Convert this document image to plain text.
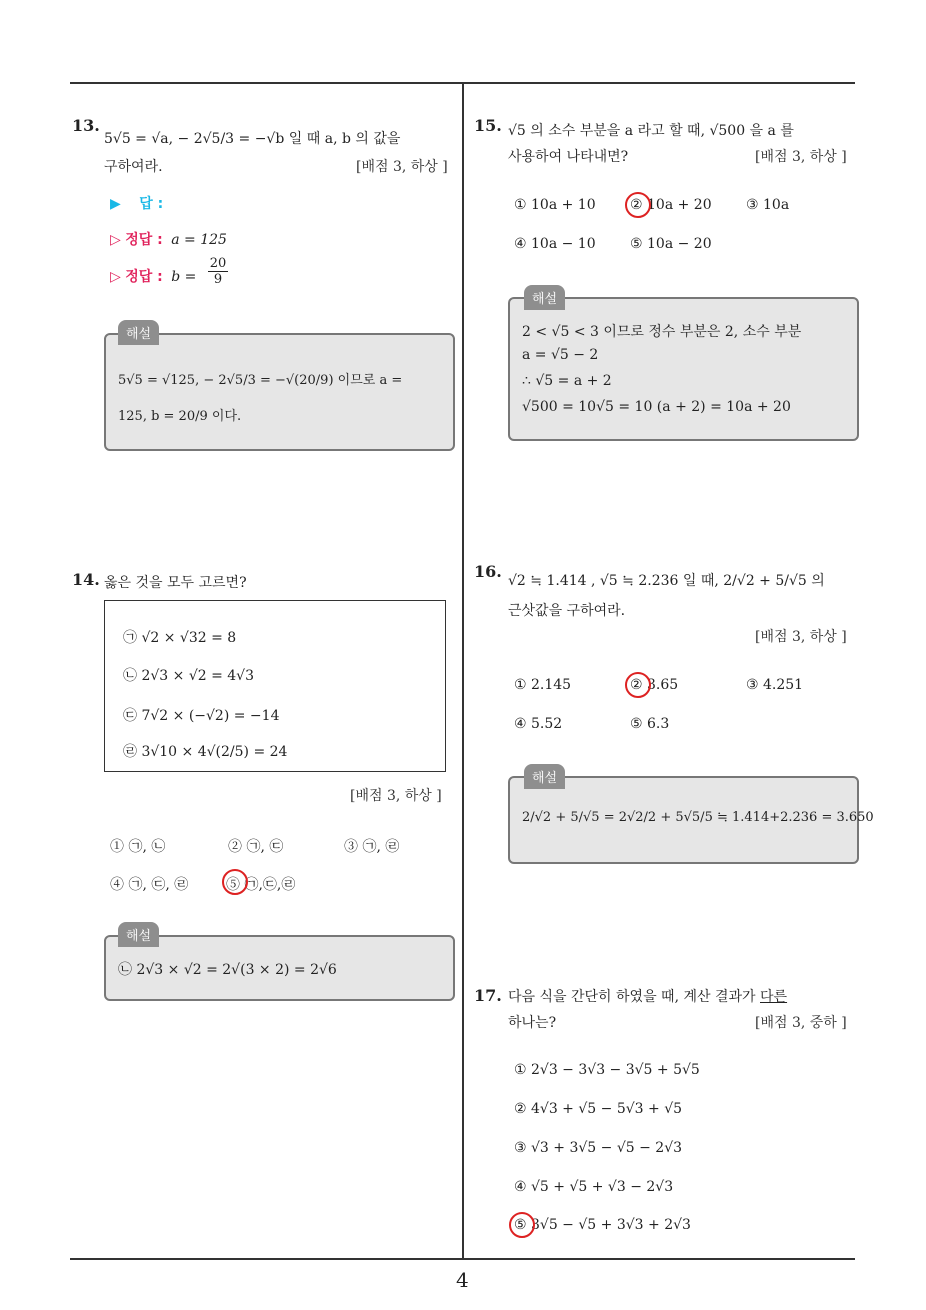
4
13.
5√5 = √a, − 2√5/3 = −√b 일 때 a, b 의 값을
구하여라.	[배점 3, 하상 ]
▶ 답 :
▷ 정답 : a = 125
▷ 정답 : $b = \frac{20}{9}$
5√5 = √125, − 2√5/3 = −√(20/9) 이므로 a =
125, b = 20/9 이다.
해설
14. 옳은 것을 모두 고르면?
㉠ √2 × √32 = 8
㉡ 2√3 × √2 = 4√3
㉢ 7√2 × (−√2) = −14
㉣ 3√10 × 4√(2/5) = 24
[배점 3, 하상 ]
① ㉠, ㉡	② ㉠, ㉢	③ ㉠, ㉣
④ ㉠, ㉢, ㉣	⑤ ㉠,㉢,㉣
㉡ 2√3 × √2 = 2√(3 × 2) = 2√6
해설
15. √5 의 소수 부분을 a 라고 할 때, √500 을 a 를
사용하여 나타내면?	[배점 3, 하상 ]
① 10a + 10 ② 10a + 20 ③ 10a
④ 10a − 10 ⑤ 10a − 20
2 < √5 < 3 이므로 정수 부분은 2, 소수 부분
a = √5 − 2
∴ √5 = a + 2
√500 = 10√5 = 10 (a + 2) = 10a + 20
해설
16. √2 ≒ 1.414 , √5 ≒ 2.236 일 때, 2/√2 + 5/√5 의
근삿값을 구하여라.
[배점 3, 하상 ]
① 2.145	② 3.65	③ 4.251
④ 5.52	⑤ 6.3
2/√2 + 5/√5 = 2√2/2 + 5√5/5 ≒ 1.414+2.236 = 3.650
해설
17. 다음 식을 간단히 하였을 때, 계산 결과가 다른
하나는?	[배점 3, 중하 ]
① 2√3 − 3√3 − 3√5 + 5√5
② 4√3 + √5 − 5√3 + √5
③ √3 + 3√5 − √5 − 2√3
④ √5 + √5 + √3 − 2√3
⑤ 3√5 − √5 + 3√3 + 2√3
